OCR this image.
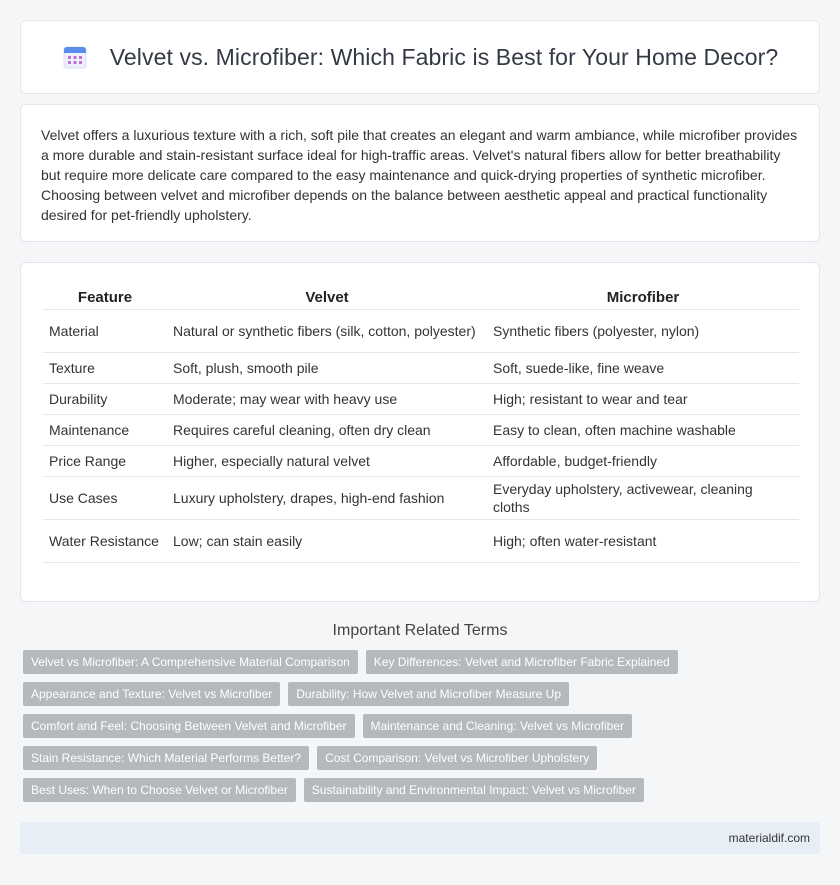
Velvet vs. Microfiber: Which Fabric is Best for Your Home Decor?

Velvet offers a luxurious texture with a rich, soft pile that creates an elegant and warm ambiance, while microfiber provides a more durable and stain-resistant surface ideal for high-traffic areas. Velvet's natural fibers allow for better breathability but require more delicate care compared to the easy maintenance and quick-drying properties of synthetic microfiber. Choosing between velvet and microfiber depends on the balance between aesthetic appeal and practical functionality desired for pet-friendly upholstery.

Feature	Velvet	Microfiber
Material	Natural or synthetic fibers (silk, cotton, polyester)	Synthetic fibers (polyester, nylon)
Texture	Soft, plush, smooth pile	Soft, suede-like, fine weave
Durability	Moderate; may wear with heavy use	High; resistant to wear and tear
Maintenance	Requires careful cleaning, often dry clean	Easy to clean, often machine washable
Price Range	Higher, especially natural velvet	Affordable, budget-friendly
Use Cases	Luxury upholstery, drapes, high-end fashion	Everyday upholstery, activewear, cleaning cloths
Water Resistance	Low; can stain easily	High; often water-resistant
Important Related Terms
Velvet vs Microfiber: A Comprehensive Material Comparison	Key Differences: Velvet and Microfiber Fabric Explained
Appearance and Texture: Velvet vs Microfiber	Durability: How Velvet and Microfiber Measure Up
Comfort and Feel: Choosing Between Velvet and Microfiber	Maintenance and Cleaning: Velvet vs Microfiber
Stain Resistance: Which Material Performs Better?	Cost Comparison: Velvet vs Microfiber Upholstery
Best Uses: When to Choose Velvet or Microfiber	Sustainability and Environmental Impact: Velvet vs Microfiber
materialdif.com
